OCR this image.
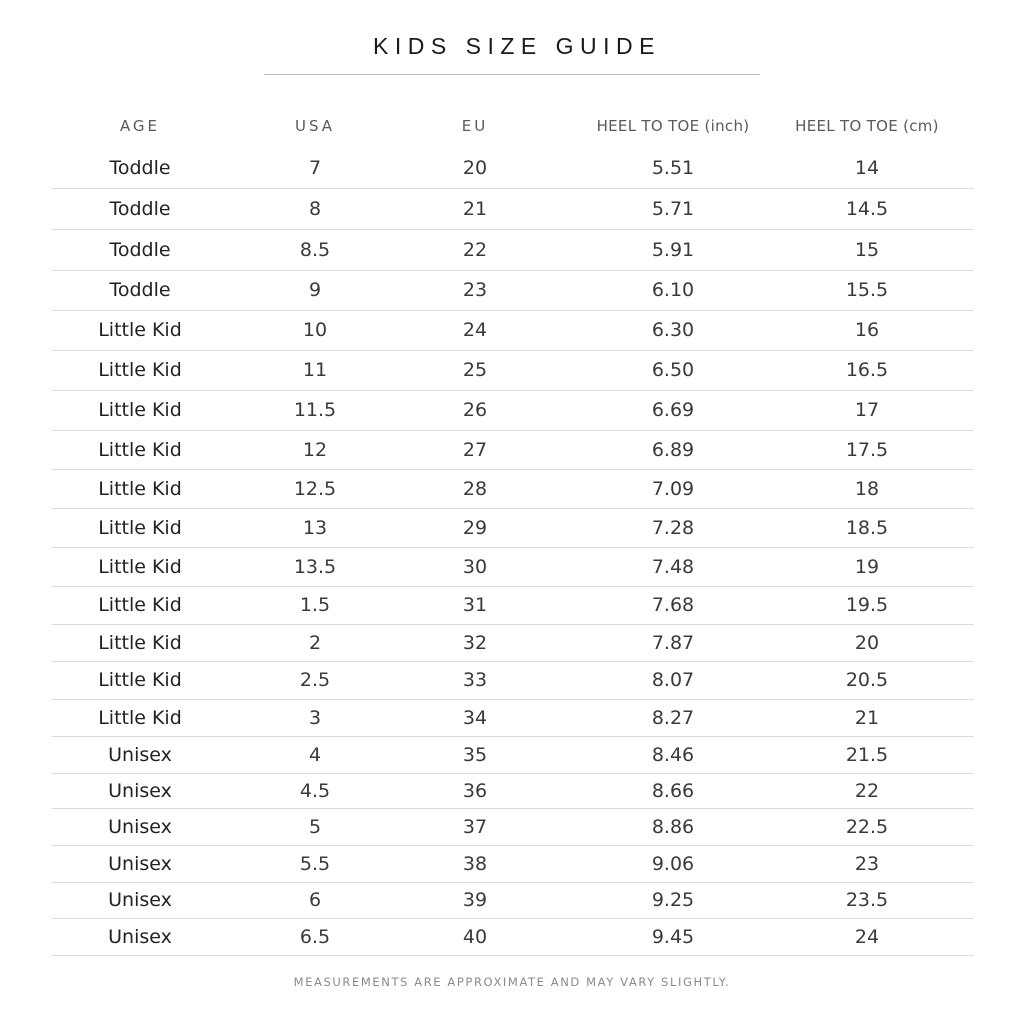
KIDS SIZE GUIDE
AGE	USA	EU	HEEL TO TOE (inch)	HEEL TO TOE (cm)
Toddle	7	20	5.51	14
Toddle	8	21	5.71	14.5
Toddle	8.5	22	5.91	15
Toddle	9	23	6.10	15.5
Little Kid	10	24	6.30	16
Little Kid	11	25	6.50	16.5
Little Kid	11.5	26	6.69	17
Little Kid	12	27	6.89	17.5
Little Kid	12.5	28	7.09	18
Little Kid	13	29	7.28	18.5
Little Kid	13.5	30	7.48	19
Little Kid	1.5	31	7.68	19.5
Little Kid	2	32	7.87	20
Little Kid	2.5	33	8.07	20.5
Little Kid	3	34	8.27	21
Unisex	4	35	8.46	21.5
Unisex	4.5	36	8.66	22
Unisex	5	37	8.86	22.5
Unisex	5.5	38	9.06	23
Unisex	6	39	9.25	23.5
Unisex	6.5	40	9.45	24
MEASUREMENTS ARE APPROXIMATE AND MAY VARY SLIGHTLY.
